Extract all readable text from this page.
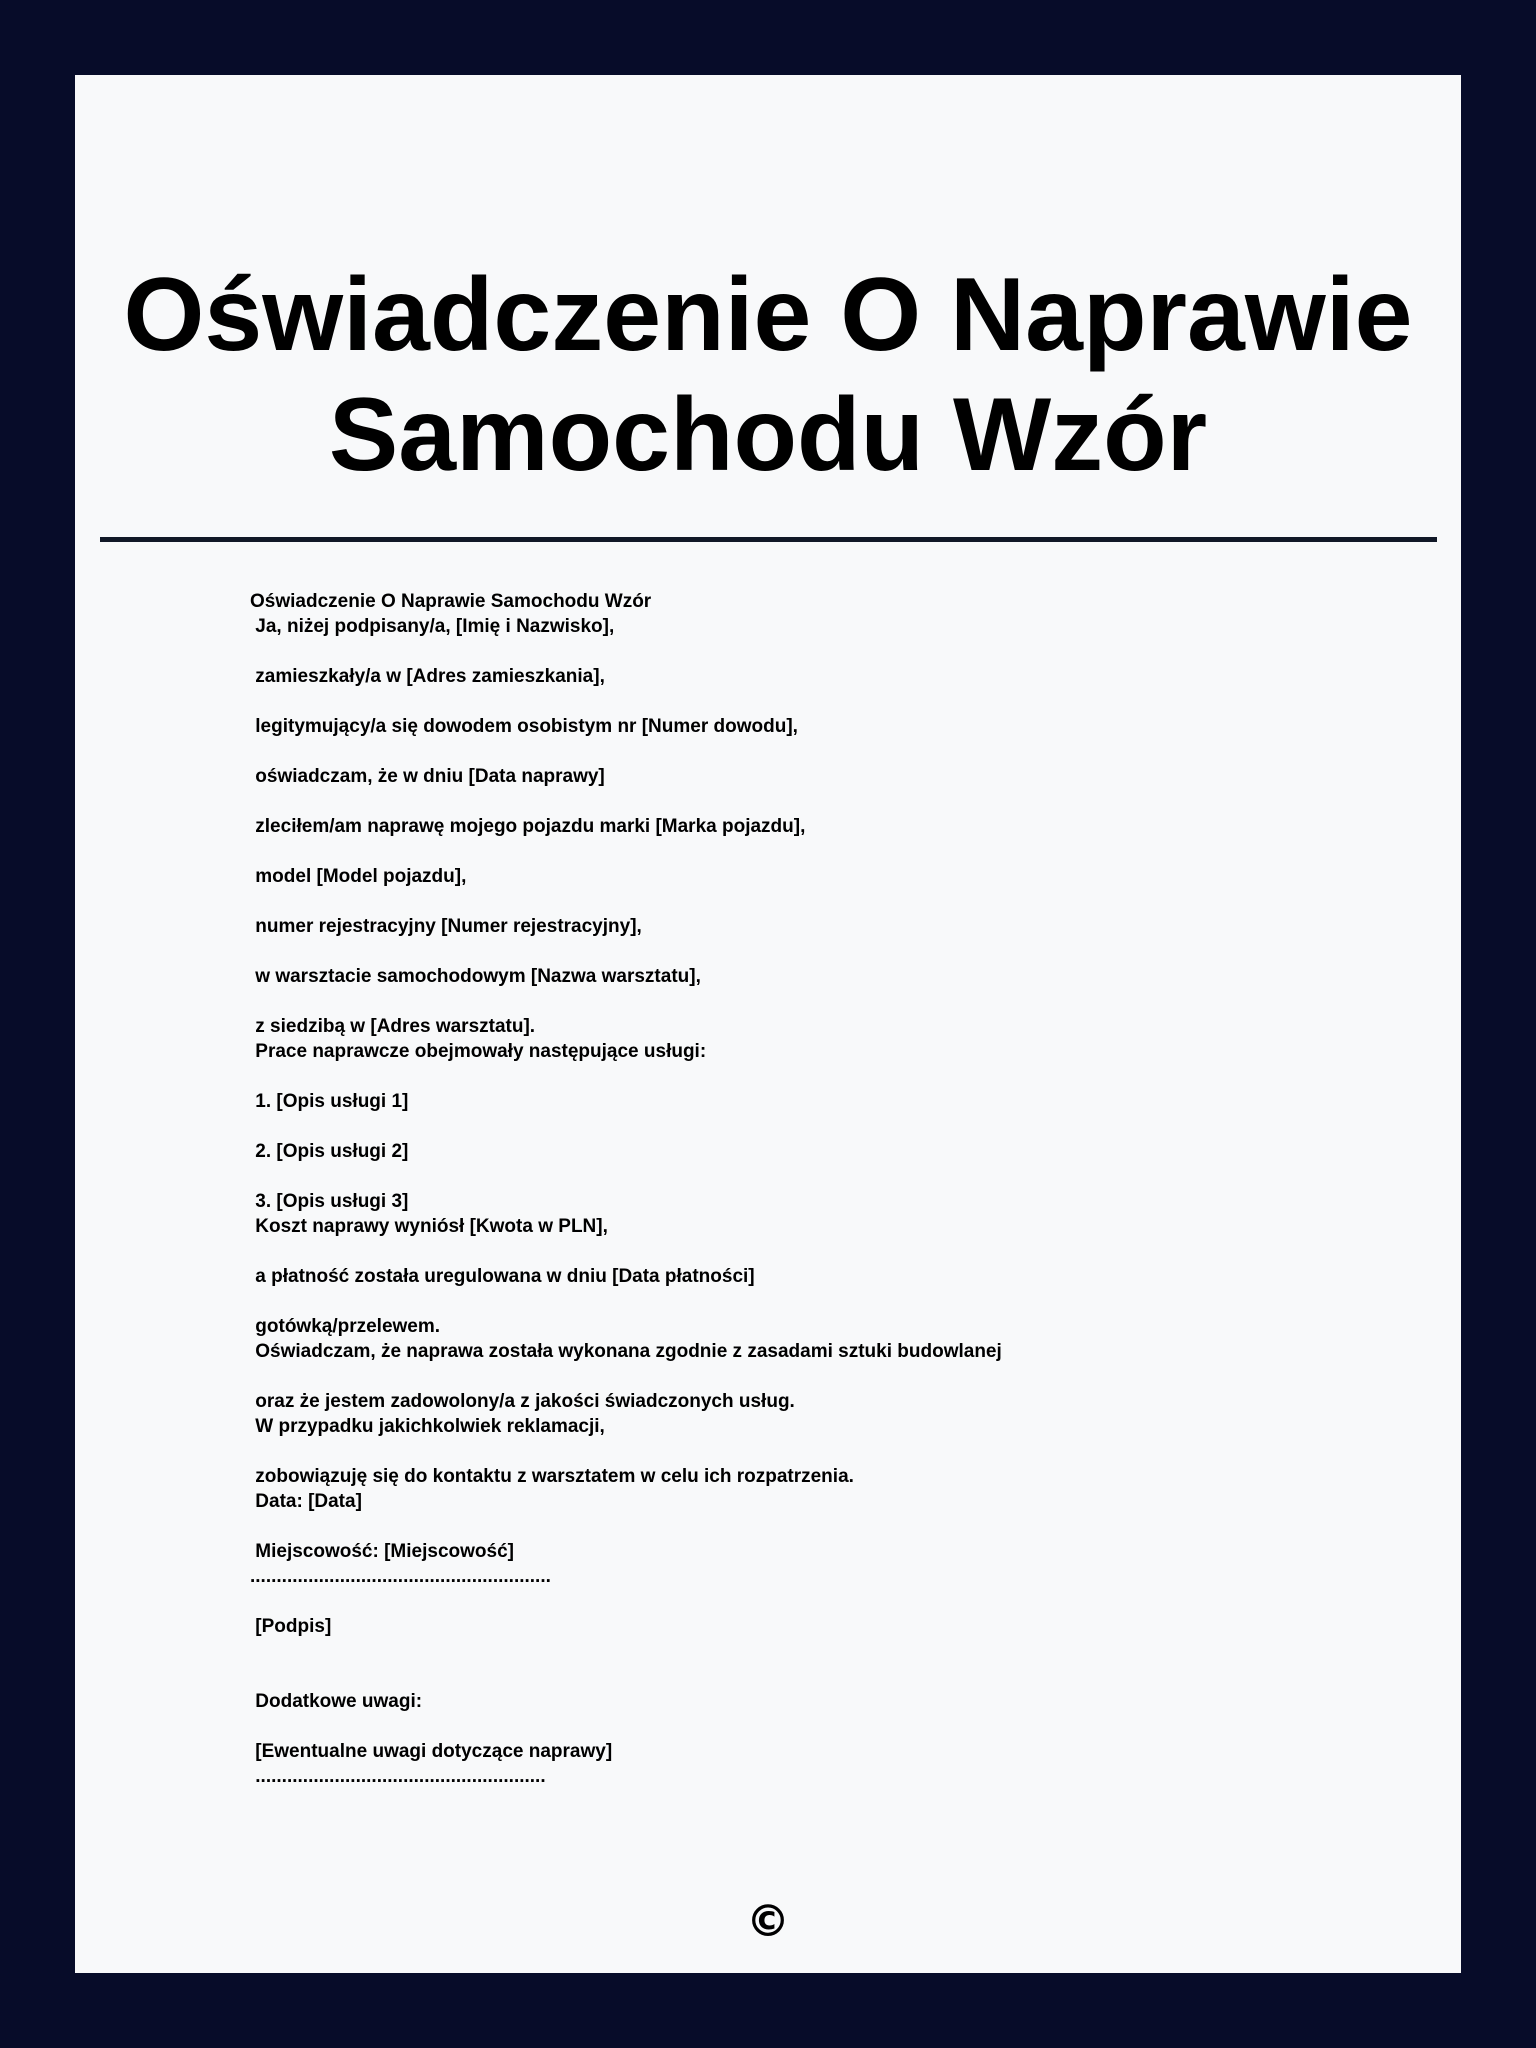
Oświadczenie O Naprawie Samochodu Wzór
Oświadczenie O Naprawie Samochodu Wzór
Ja, niżej podpisany/a, [Imię i Nazwisko],

zamieszkały/a w [Adres zamieszkania],

legitymujący/a się dowodem osobistym nr [Numer dowodu],

oświadczam, że w dniu [Data naprawy]

zleciłem/am naprawę mojego pojazdu marki [Marka pojazdu],

model [Model pojazdu],

numer rejestracyjny [Numer rejestracyjny],

w warsztacie samochodowym [Nazwa warsztatu],

z siedzibą w [Adres warsztatu].
Prace naprawcze obejmowały następujące usługi:

1. [Opis usługi 1]

2. [Opis usługi 2]

3. [Opis usługi 3]
Koszt naprawy wyniósł [Kwota w PLN],

a płatność została uregulowana w dniu [Data płatności]

gotówką/przelewem.
Oświadczam, że naprawa została wykonana zgodnie z zasadami sztuki budowlanej

oraz że jestem zadowolony/a z jakości świadczonych usług.
W przypadku jakichkolwiek reklamacji,

zobowiązuję się do kontaktu z warsztatem w celu ich rozpatrzenia.
Data: [Data]

Miejscowość: [Miejscowość]
.........................................................

[Podpis]

Dodatkowe uwagi:

[Ewentualne uwagi dotyczące naprawy]
.......................................................
©
